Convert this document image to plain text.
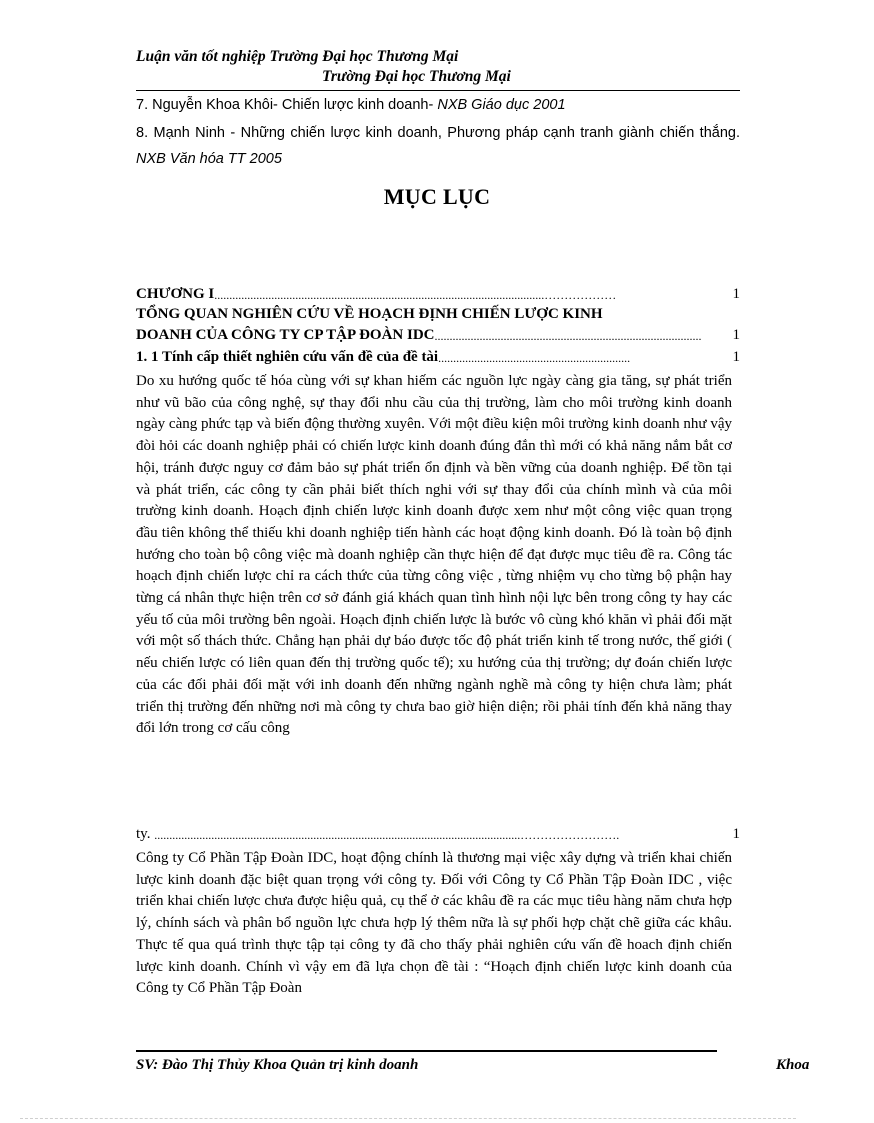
Luận văn tốt nghiệp Trường Đại học Thương Mại
Trường Đại học Thương Mại
7. Nguyễn Khoa Khôi- Chiến lược kinh doanh- NXB Giáo dục 2001
8. Mạnh Ninh - Những chiến lược kinh doanh, Phương pháp cạnh tranh giành chiến thắng. NXB Văn hóa TT 2005
MỤC LỤC
CHƯƠNG I..............................................................................................................………………	1
TỔNG QUAN NGHIÊN CỨU VỀ HOẠCH ĐỊNH CHIẾN LƯỢC KINH
DOANH CỦA CÔNG TY CP TẬP ĐOÀN IDC......................................................................................... 1
1. 1 Tính cấp thiết nghiên cứu vấn đề của đề tài................................................................	1
ty. ..........................................................................................................................…………………….	1
Do xu hướng quốc tế hóa cùng với sự khan hiếm các nguồn lực ngày càng gia tăng, sự phát triển như vũ bão của công nghệ, sự thay đổi nhu cầu của thị trường, làm cho môi trường kinh doanh ngày càng phức tạp và biến động thường xuyên. Với một điều kiện môi trường kinh doanh như vậy đòi hỏi các doanh nghiệp phải có chiến lược kinh doanh đúng đắn thì mới có khả năng nắm bắt cơ hội, tránh được nguy cơ đảm bảo sự phát triển ổn định và bền vững của doanh nghiệp. Để tồn tại và phát triển, các công ty cần phải biết thích nghi với sự thay đổi của chính mình và của môi trường kinh doanh. Hoạch định chiến lược kinh doanh được xem như một công việc quan trọng đầu tiên không thể thiếu khi doanh nghiệp tiến hành các hoạt động kinh doanh. Đó là toàn bộ định hướng cho toàn bộ công việc mà doanh nghiệp cần thực hiện để đạt được mục tiêu đề ra. Công tác hoạch định chiến lược chỉ ra cách thức của từng công việc , từng nhiệm vụ cho từng bộ phận hay từng cá nhân thực hiện trên cơ sở đánh giá khách quan tình hình nội lực bên trong công ty hay các yếu tố của môi trường bên ngoài. Hoạch định chiến lược là bước vô cùng khó khăn vì phải đối mặt với một số thách thức. Chẳng hạn phải dự báo được tốc độ phát triển kinh tế trong nước, thế giới ( nếu chiến lược có liên quan đến thị trường quốc tế); xu hướng của thị trường; dự đoán chiến lược của các đối phải đối mặt với inh doanh đến những ngành nghề mà công ty hiện chưa làm; phát triển thị trường đến những nơi mà công ty chưa bao giờ hiện diện; rồi phải tính đến khả năng thay đổi lớn trong cơ cấu công
Công ty Cổ Phần Tập Đoàn IDC, hoạt động chính là thương mại việc xây dựng và triển khai chiến lược kinh doanh đặc biệt quan trọng với công ty. Đối với Công ty Cổ Phần Tập Đoàn IDC , việc triển khai chiến lược chưa được hiệu quả, cụ thể ở các khâu đề ra các mục tiêu hàng năm chưa hợp lý, chính sách và phân bổ nguồn lực chưa hợp lý thêm nữa là sự phối hợp chặt chẽ giữa các khâu. Thực tế qua quá trình thực tập tại công ty đã cho thấy phải nghiên cứu vấn đề hoach định chiến lược kinh doanh. Chính vì vậy em đã lựa chọn đề tài : “Hoạch định chiến lược kinh doanh của Công ty Cổ Phần Tập Đoàn
SV: Đào Thị Thủy Khoa Quản trị kinh doanh	Khoa
